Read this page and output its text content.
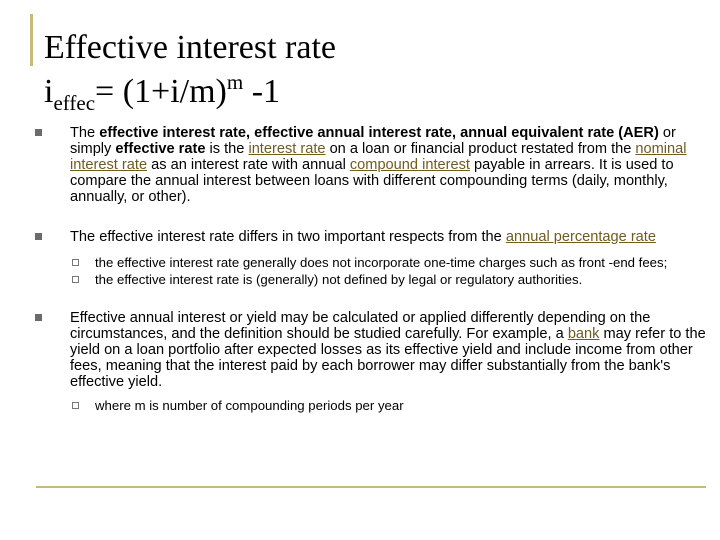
Effective interest rate
$i_{effec}= (1+i/m)^m$ -1

The effective interest rate, effective annual interest rate, annual equivalent rate (AER) or simply effective rate is the interest rate on a loan or financial product restated from the nominal interest rate as an interest rate with annual compound interest payable in arrears. It is used to compare the annual interest between loans with different compounding terms (daily, monthly, annually, or other).

The effective interest rate differs in two important respects from the annual percentage rate

the effective interest rate generally does not incorporate one-time charges such as front -end fees;

the effective interest rate is (generally) not defined by legal or regulatory authorities.

Effective annual interest or yield may be calculated or applied differently depending on the circumstances, and the definition should be studied carefully. For example, a bank may refer to the yield on a loan portfolio after expected losses as its effective yield and include income from other fees, meaning that the interest paid by each borrower may differ substantially from the bank's effective yield.

where m is number of compounding periods per year
